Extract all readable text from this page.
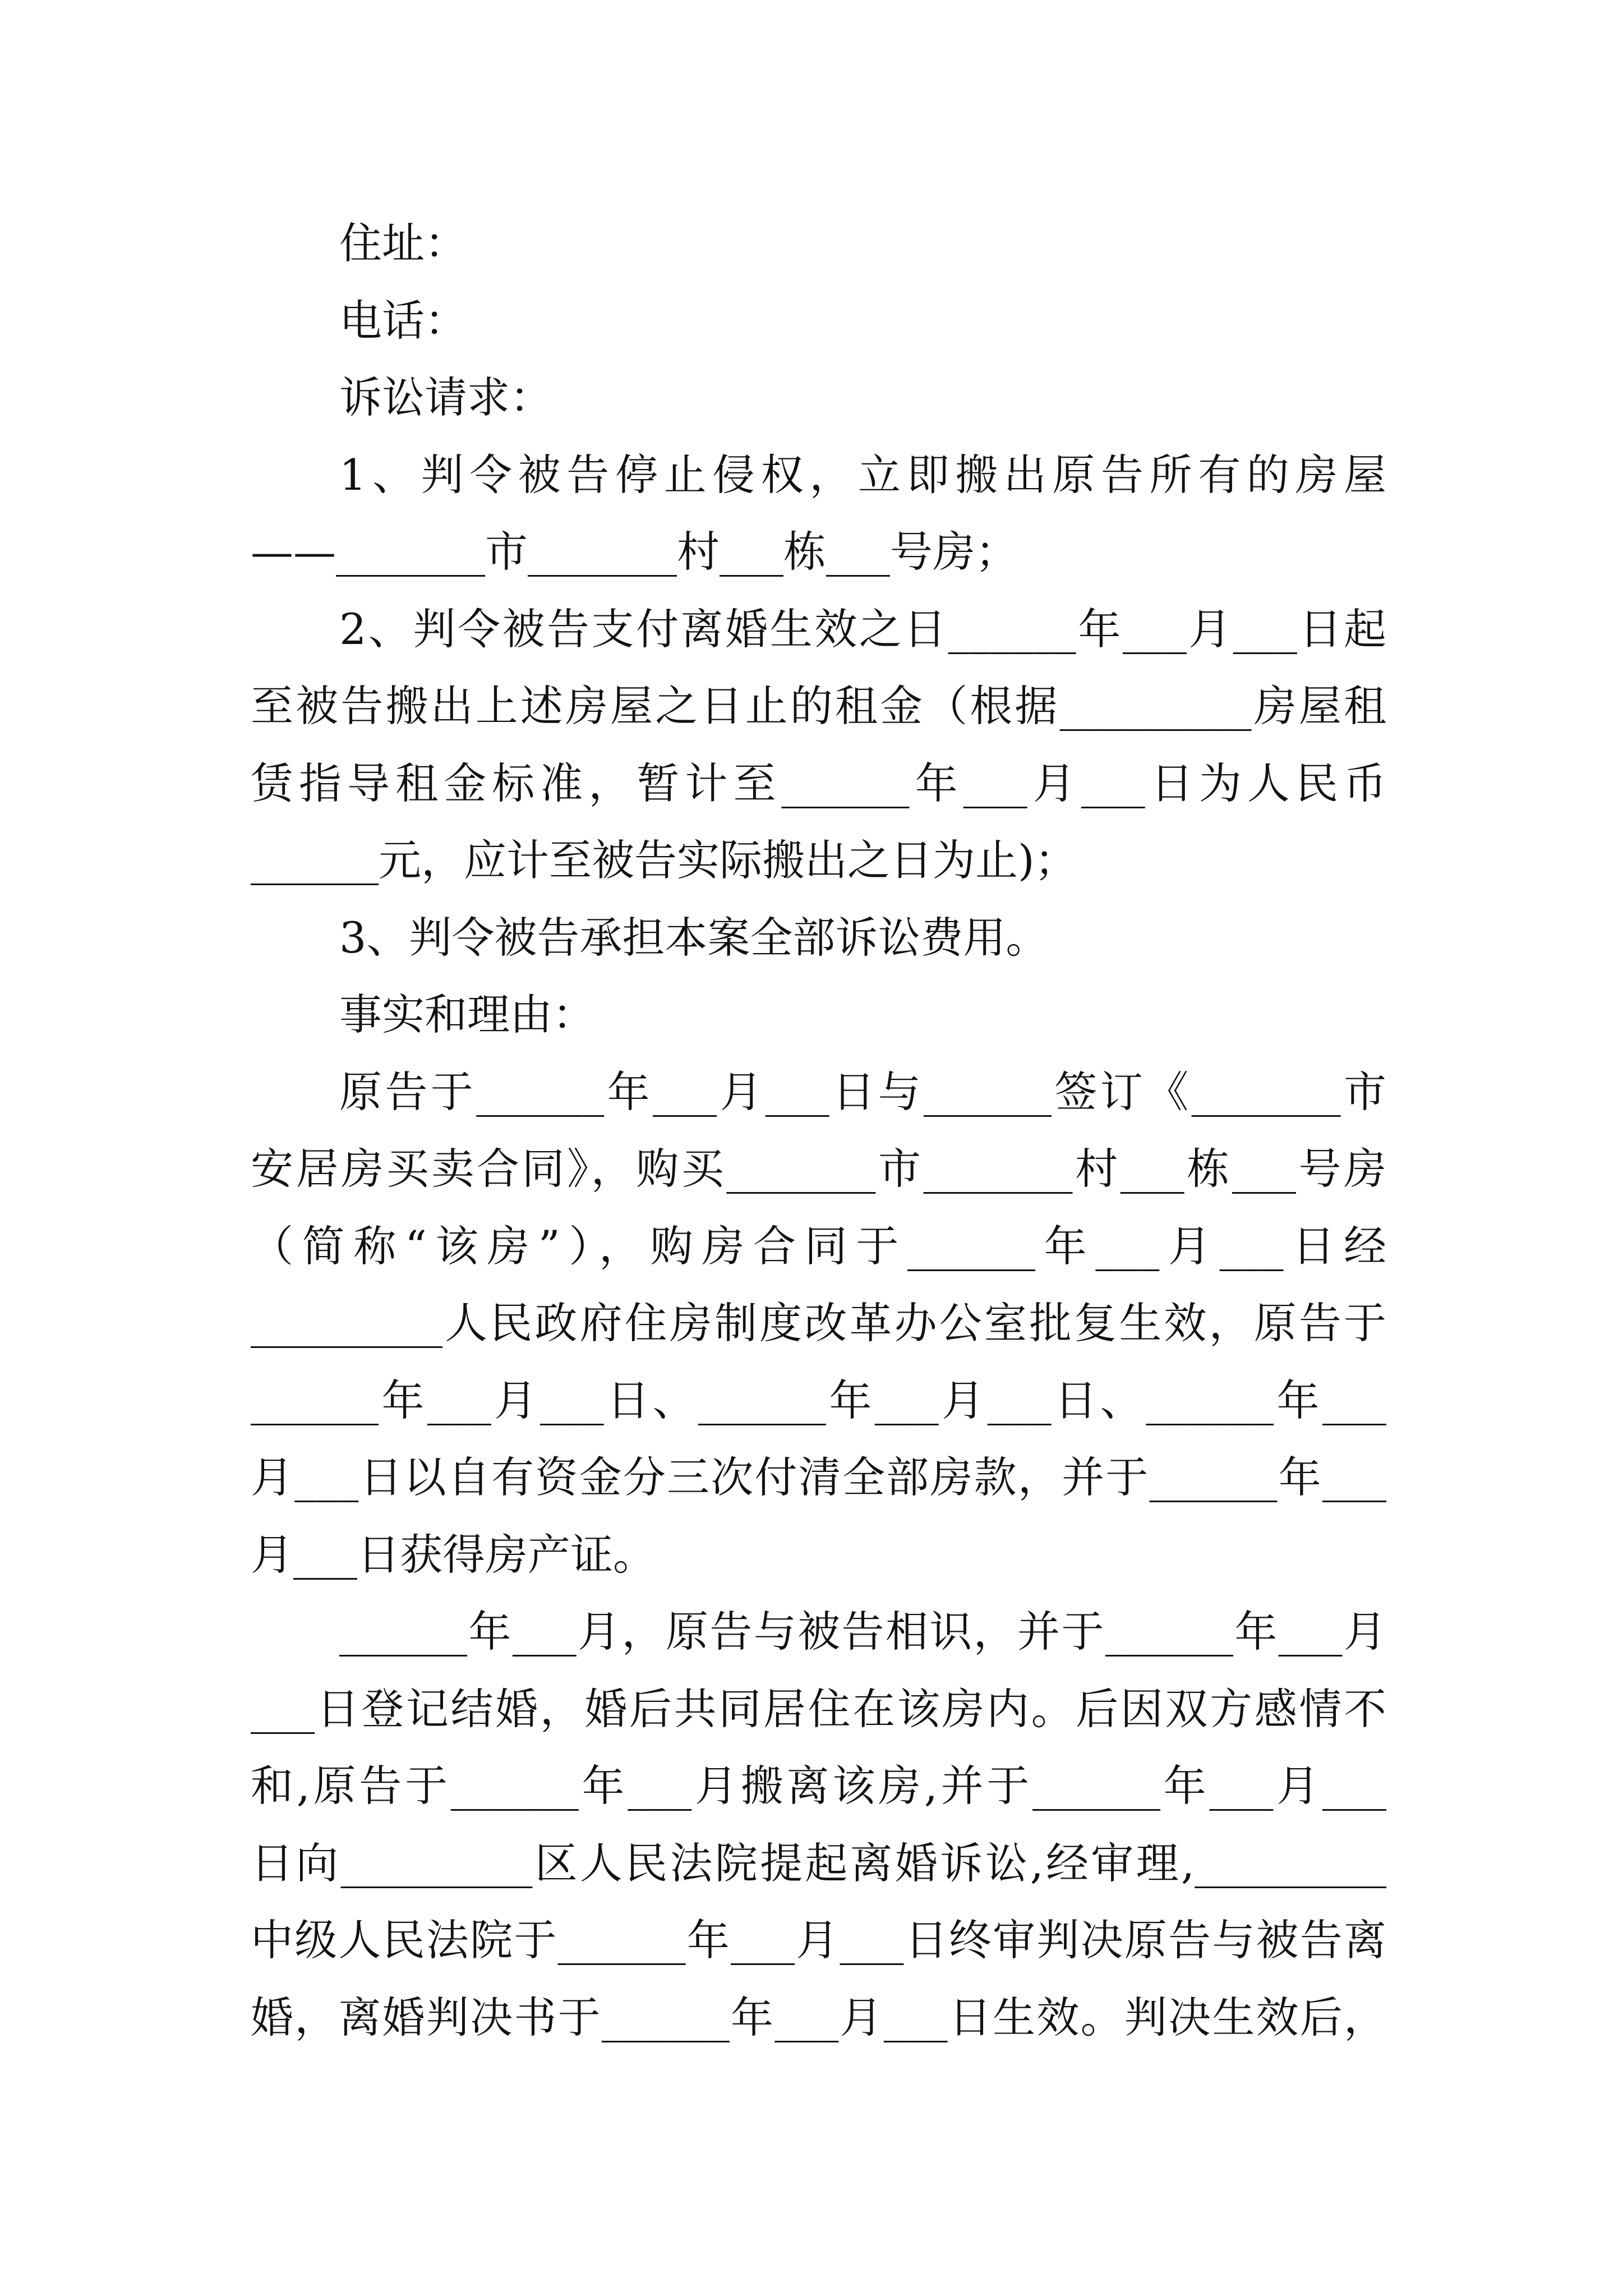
住址：
电话：
诉讼请求：
1、判令被告停止侵权，立即搬出原告所有的房屋
——_______市_______村___栋___号房；
2、判令被告支付离婚生效之日______年___月___日起
至被告搬出上述房屋之日止的租金（根据_________房屋租
赁指导租金标准，暂计至______年___月___日为人民币
______元，应计至被告实际搬出之日为止)；
3、判令被告承担本案全部诉讼费用。
事实和理由：
原告于______年___月___日与______签订《_______市
安居房买卖合同》，购买_______市_______村___栋___号房
（简称“该房”），购房合同于______年___月___日经
_________人民政府住房制度改革办公室批复生效，原告于
______年___月___日、______年___月___日、______年___
月___日以自有资金分三次付清全部房款，并于______年___
月___日获得房产证。
______年___月，原告与被告相识，并于______年___月
___日登记结婚，婚后共同居住在该房内。后因双方感情不
和,原告于______年___月搬离该房,并于______年___月___
日向_________区人民法院提起离婚诉讼,经审理,_________
中级人民法院于______年___月___日终审判决原告与被告离
婚，离婚判决书于______年___月___日生效。判决生效后，
